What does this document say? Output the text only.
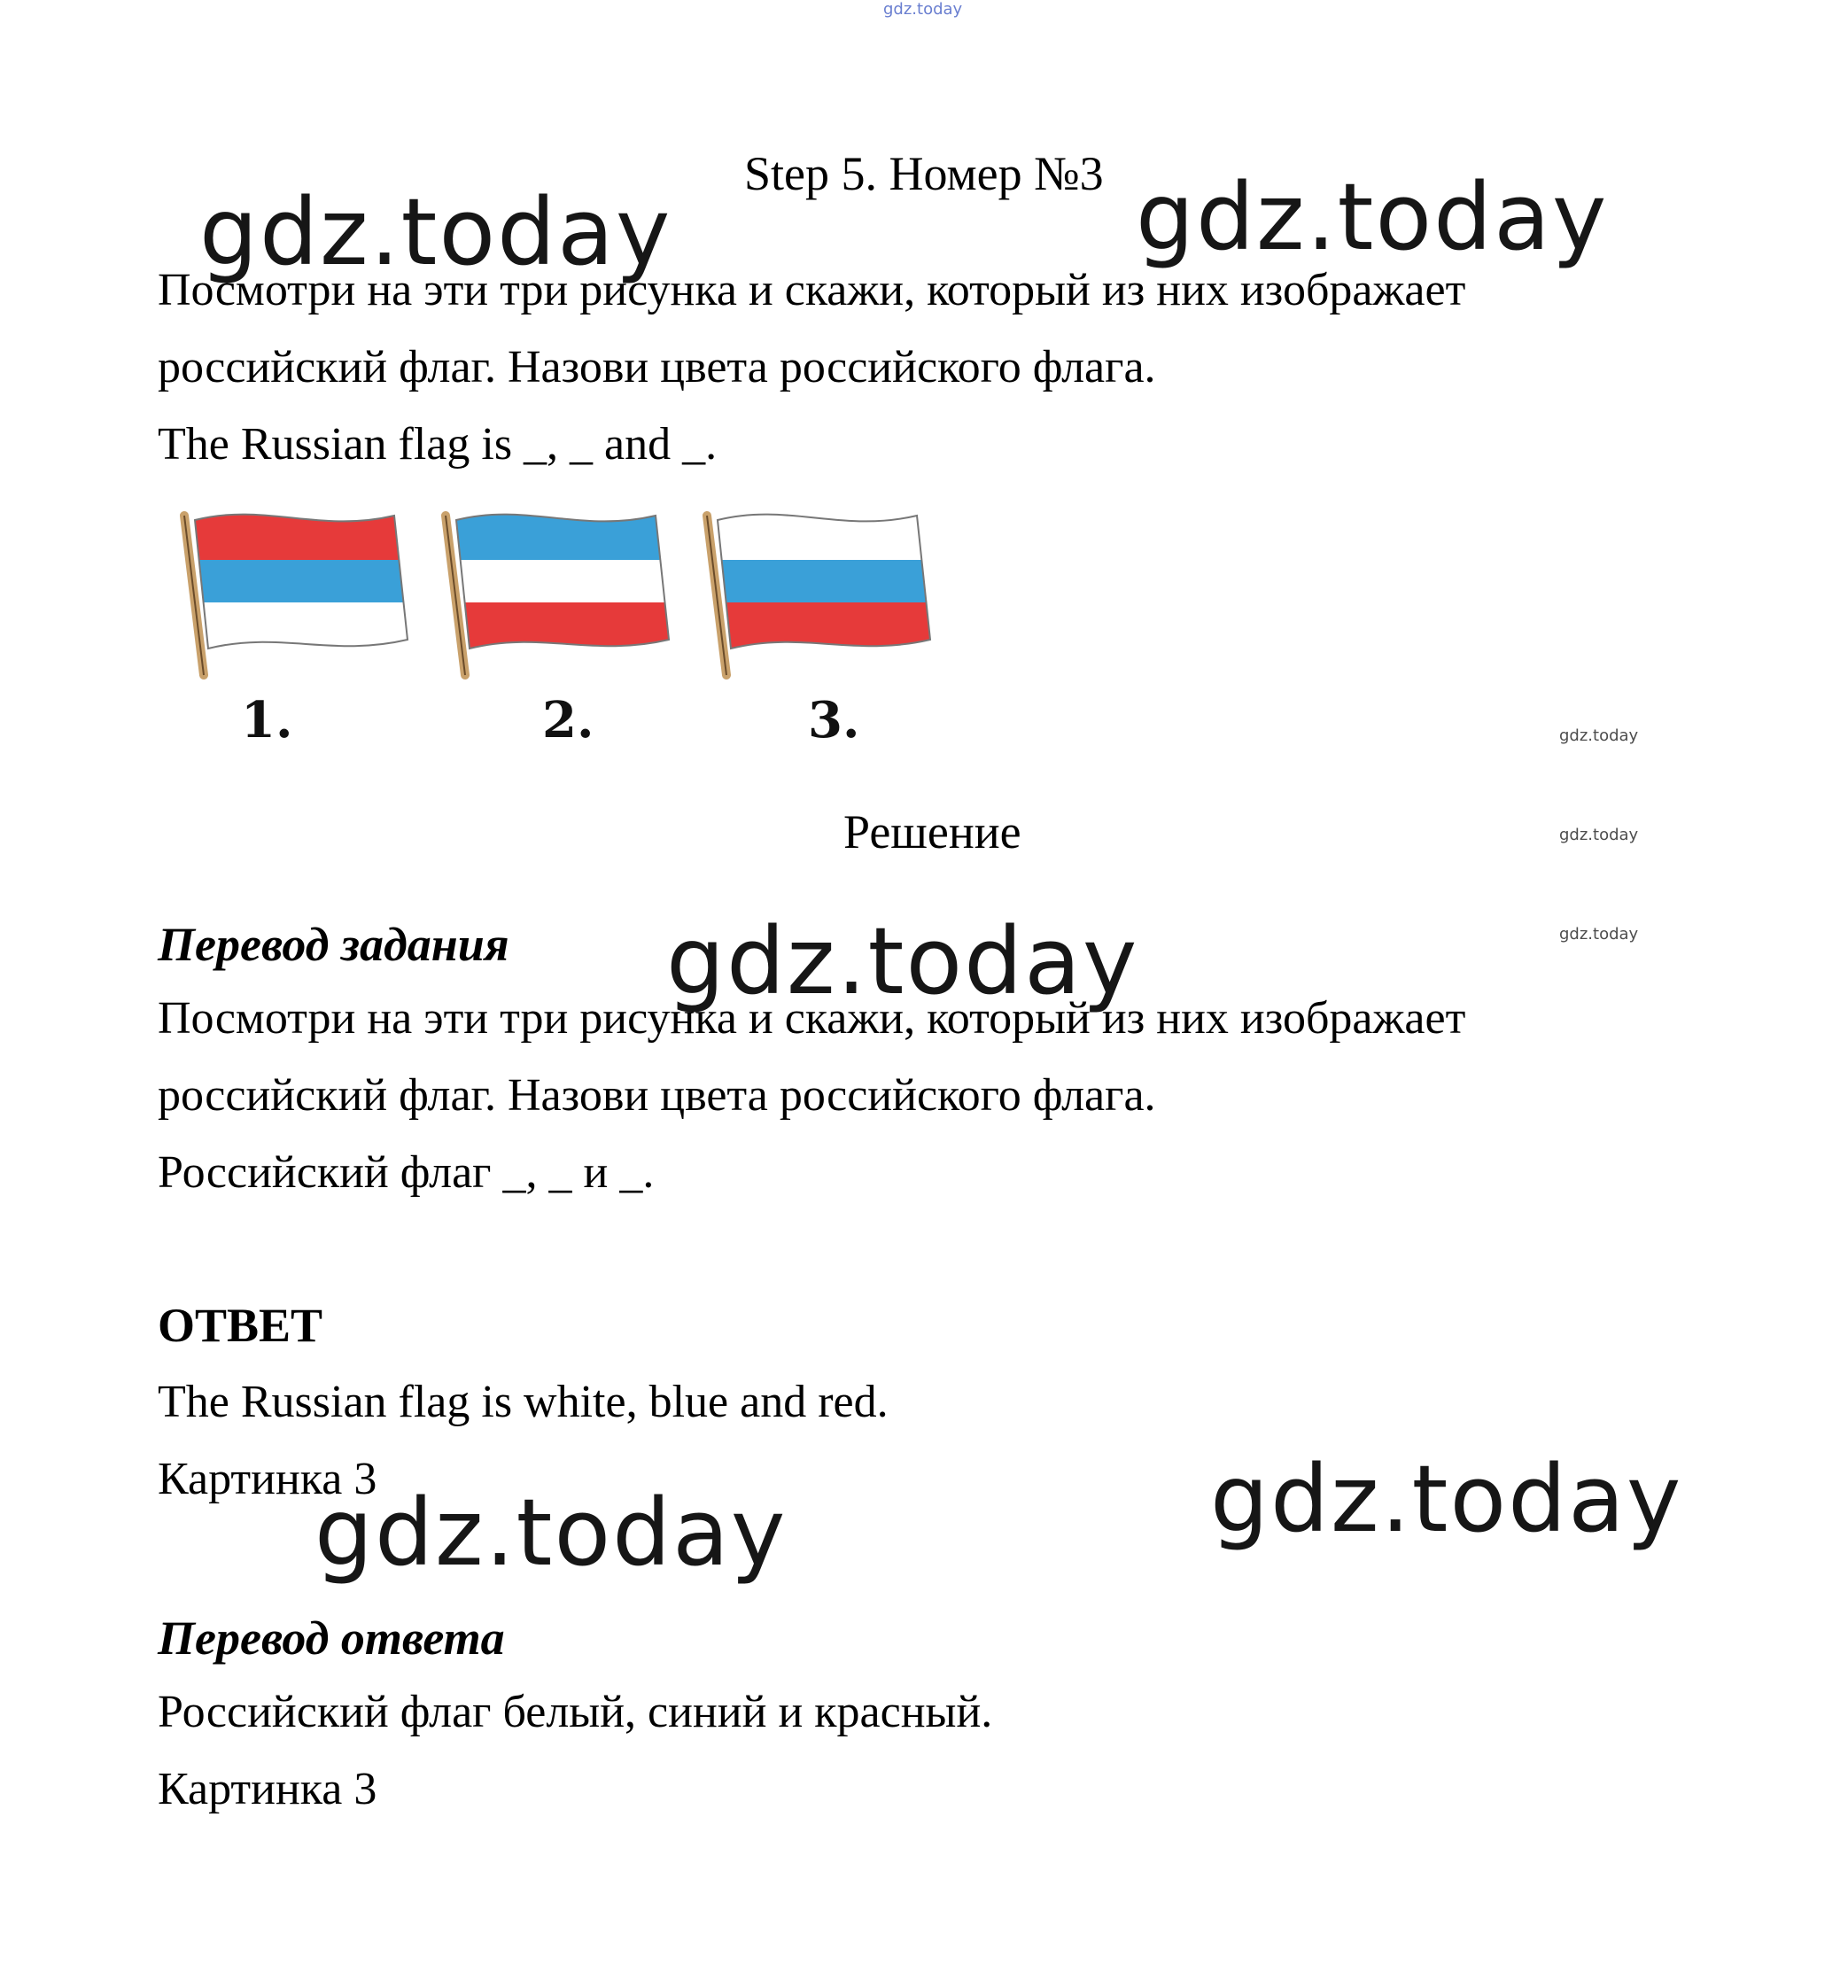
gdz.today
Step 5. Номер №3
gdz.today	gdz.today
Посмотри на эти три рисунка и скажи, который из них изображает
российский флаг. Назови цвета российского флага.
The Russian flag is _, _ and _.
1.	2.	3.	gdz.today
gdz.today
gdz.today
Решение
Перевод задания gdz.today
Посмотри на эти три рисунка и скажи, который из них изображает
российский флаг. Назови цвета российского флага.
Российский флаг _, _ и _.
ОТВЕТ
The Russian flag is white, blue and red.
Картинка 3
gdz.today	gdz.today
Перевод ответа
Российский флаг белый, синий и красный.
Картинка 3
